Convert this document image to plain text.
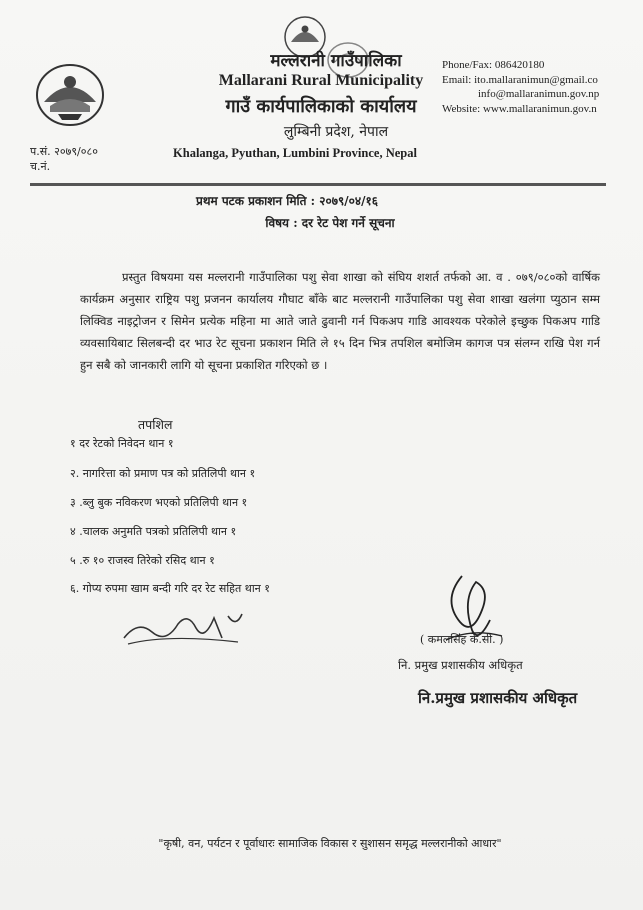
मल्लरानी गाउँपालिका
Mallarani Rural Municipality
गाउँ कार्यपालिकाको कार्यालय
लुम्बिनी प्रदेश, नेपाल
Khalanga, Pyuthan, Lumbini Province, Nepal
Phone/Fax: 086420180
Email: ito.mallaranimun@gmail.co
info@mallaranimun.gov.np
Website: www.mallaranimun.gov.n
प.सं. २०७९/०८०
च.नं.
प्रथम पटक प्रकाशन मिति : २०७९/०४/१६
विषय : दर रेट पेश गर्ने सूचना

प्रस्तुत विषयमा यस मल्लरानी गाउँपालिका पशु सेवा शाखा को संघिय शशर्त तर्फको आ. व . ०७९/०८०को वार्षिक कार्यक्रम अनुसार राष्ट्रिय पशु प्रजनन कार्यालय गौघाट बाँके बाट मल्लरानी गाउँपालिका पशु सेवा शाखा खलंगा प्युठान सम्म लिक्विड नाइट्रोजन र सिमेन प्रत्येक महिना मा आते जाते ढुवानी गर्न पिकअप गाडि आवश्यक परेकोले इच्छुक पिकअप गाडि व्यवसायिबाट सिलबन्दी दर भाउ रेट सूचना प्रकाशन मिति ले १५ दिन भित्र तपशिल बमोजिम कागज पत्र संलग्न राखि पेश गर्न हुन सबै को जानकारी लागि यो सूचना प्रकाशित गरिएको छ ।

तपशिल
१ दर रेटको निवेदन थान १
२. नागरित्ता को प्रमाण पत्र को प्रतिलिपी थान १
३ .ब्लु बुक नविकरण भएको प्रतिलिपी थान १
४ .चालक अनुमति पत्रको प्रतिलिपी थान १
५ .रु १० राजस्व तिरेको रसिद थान १
६. गोप्य रुपमा खाम बन्दी गरि दर रेट सहित थान १
( कमलसिंह के.सी. )
नि. प्रमुख प्रशासकीय अधिकृत
नि.प्रमुख प्रशासकीय अधिकृत
"कृषी, वन, पर्यटन र पूर्वाधारः सामाजिक विकास र सुशासन समृद्ध मल्लरानीको आधार"
